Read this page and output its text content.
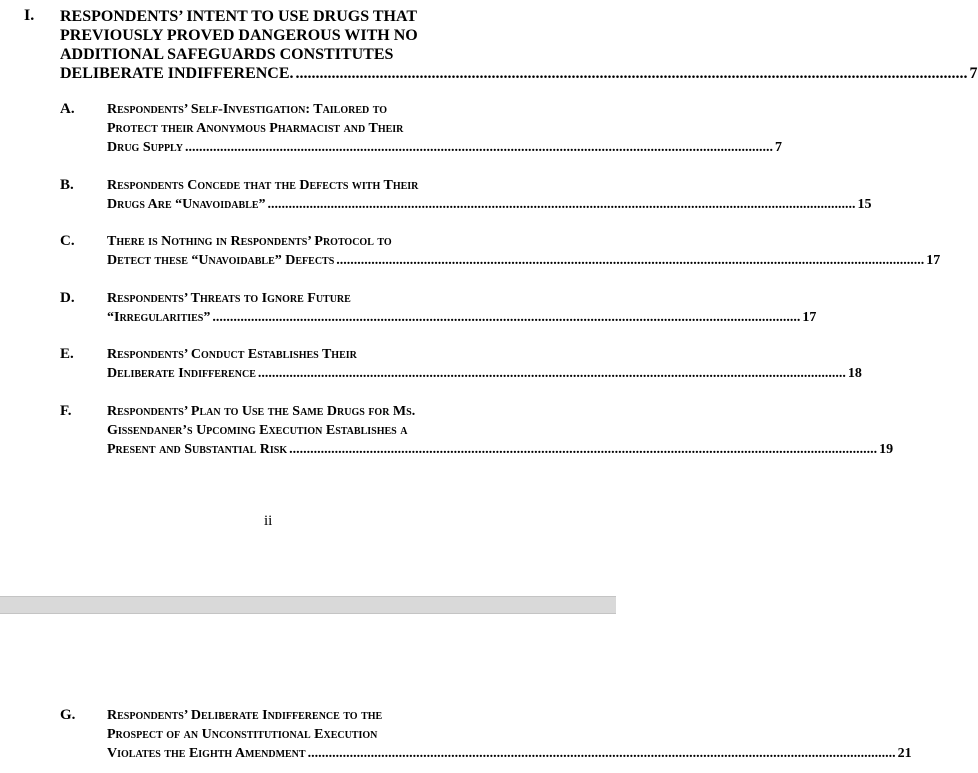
I. RESPONDENTS’ INTENT TO USE DRUGS THAT
PREVIOUSLY PROVED DANGEROUS WITH NO
ADDITIONAL SAFEGUARDS CONSTITUTES
DELIBERATE INDIFFERENCE. ........................................................................................................................................................................ 7
A. Respondents’ Self-Investigation: Tailored to
Protect their Anonymous Pharmacist and Their
Drug Supply ........................................................................................................................................................................ 7
B. Respondents Concede that the Defects with Their
Drugs Are “Unavoidable” ........................................................................................................................................................................ 15
C. There is Nothing in Respondents’ Protocol to
Detect these “Unavoidable” Defects ........................................................................................................................................................................ 17
D. Respondents’ Threats to Ignore Future
“Irregularities” ........................................................................................................................................................................ 17
E. Respondents’ Conduct Establishes Their
Deliberate Indifference ........................................................................................................................................................................ 18
F.	Respondents’ Plan to Use the Same Drugs for Ms.
Gissendaner’s Upcoming Execution Establishes a
Present and Substantial Risk ........................................................................................................................................................................ 19
ii
G. Respondents’ Deliberate Indifference to the
Prospect of an Unconstitutional Execution
Violates the Eighth Amendment ........................................................................................................................................................................ 21
